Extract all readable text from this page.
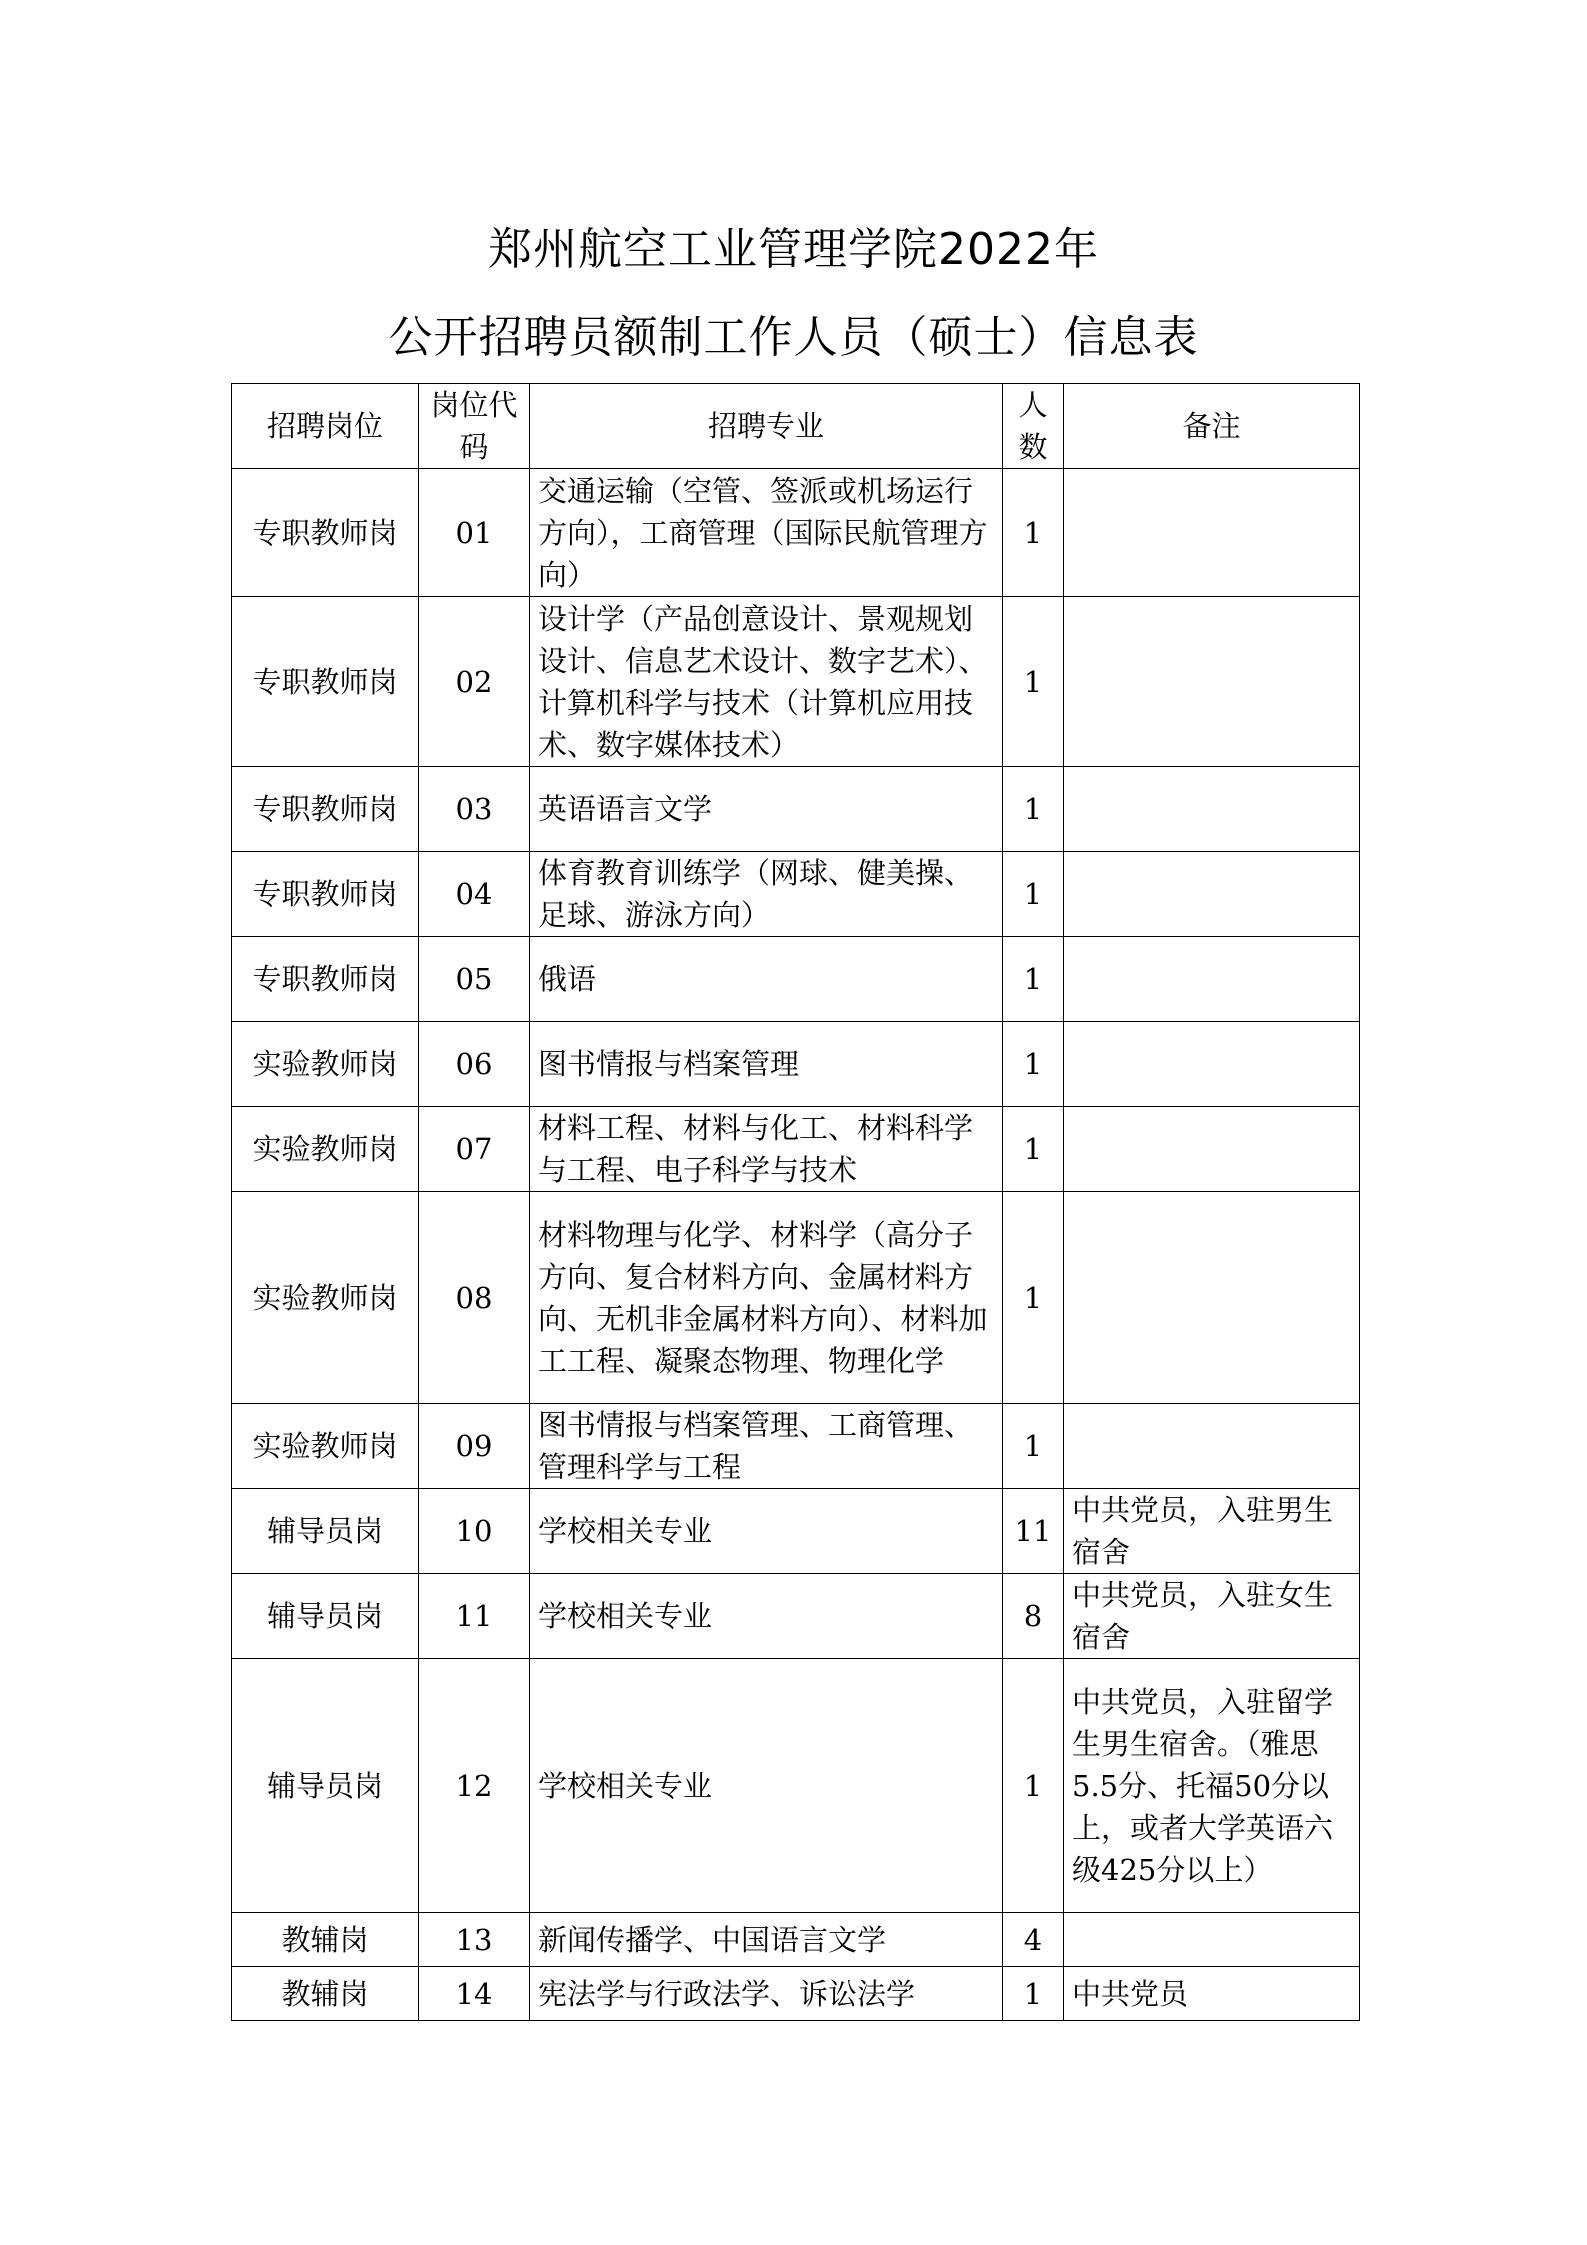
郑州航空工业管理学院2022年
公开招聘员额制工作人员（硕士）信息表
招聘岗位	岗位代码	招聘专业	人数	备注
专职教师岗	01	交通运输（空管、签派或机场运行方向），工商管理（国际民航管理方向）	1	
专职教师岗	02	设计学（产品创意设计、景观规划设计、信息艺术设计、数字艺术）、计算机科学与技术（计算机应用技术、数字媒体技术）	1	
专职教师岗	03	英语语言文学	1	
专职教师岗	04	体育教育训练学（网球、健美操、足球、游泳方向）	1	
专职教师岗	05	俄语	1	
实验教师岗	06	图书情报与档案管理	1	
实验教师岗	07	材料工程、材料与化工、材料科学与工程、电子科学与技术	1	
实验教师岗	08	材料物理与化学、材料学（高分子方向、复合材料方向、金属材料方向、无机非金属材料方向）、材料加工工程、凝聚态物理、物理化学	1	
实验教师岗	09	图书情报与档案管理、工商管理、管理科学与工程	1	
辅导员岗	10	学校相关专业	11	中共党员，入驻男生宿舍
辅导员岗	11	学校相关专业	8	中共党员，入驻女生宿舍
辅导员岗	12	学校相关专业	1	中共党员，入驻留学生男生宿舍。（雅思5.5分、托福50分以上，或者大学英语六级425分以上）
教辅岗	13	新闻传播学、中国语言文学	4	
教辅岗	14	宪法学与行政法学、诉讼法学	1	中共党员
